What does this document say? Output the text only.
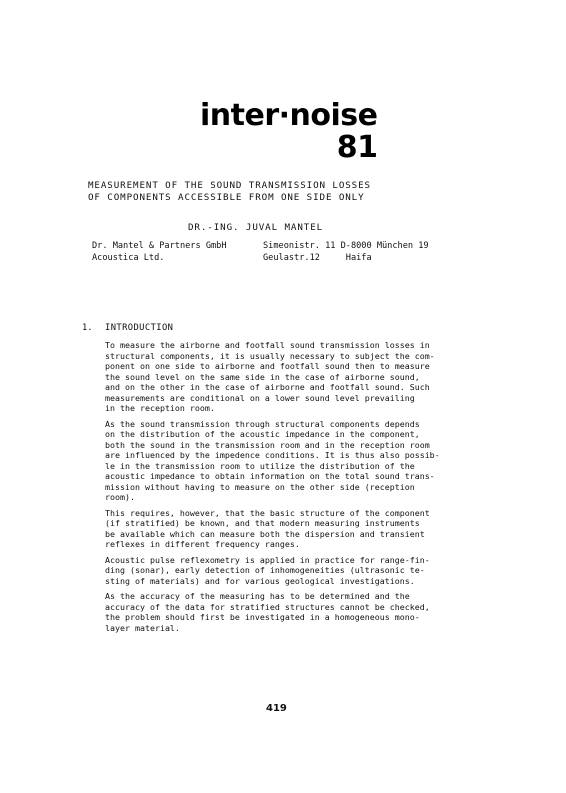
inter·noise
81
MEASUREMENT OF THE SOUND TRANSMISSION LOSSES
OF COMPONENTS ACCESSIBLE FROM ONE SIDE ONLY
DR.-ING. JUVAL MANTEL
Dr. Mantel & Partners GmbH
Acoustica Ltd.
Simeonistr. 11 D-8000 München 19
Geulastr.12     Haifa
1. INTRODUCTION

To measure the airborne and footfall sound transmission losses in
structural components, it is usually necessary to subject the com-
ponent on one side to airborne and footfall sound then to measure
the sound level on the same side in the case of airborne sound,
and on the other in the case of airborne and footfall sound. Such
measurements are conditional on a lower sound level prevailing
in the reception room.

As the sound transmission through structural components depends
on the distribution of the acoustic impedance in the component,
both the sound in the transmission room and in the reception room
are influenced by the impedence conditions. It is thus also possib-
le in the transmission room to utilize the distribution of the
acoustic impedance to obtain information on the total sound trans-
mission without having to measure on the other side (reception
room).

This requires, however, that the basic structure of the component
(if stratified) be known, and that modern measuring instruments
be available which can measure both the dispersion and transient
reflexes in different frequency ranges.

Acoustic pulse reflexometry is applied in practice for range-fin-
ding (sonar), early detection of inhomogeneities (ultrasonic te-
sting of materials) and for various geological investigations.

As the accuracy of the measuring has to be determined and the
accuracy of the data for stratified structures cannot be checked,
the problem should first be investigated in a homogeneous mono-
layer material.

419
